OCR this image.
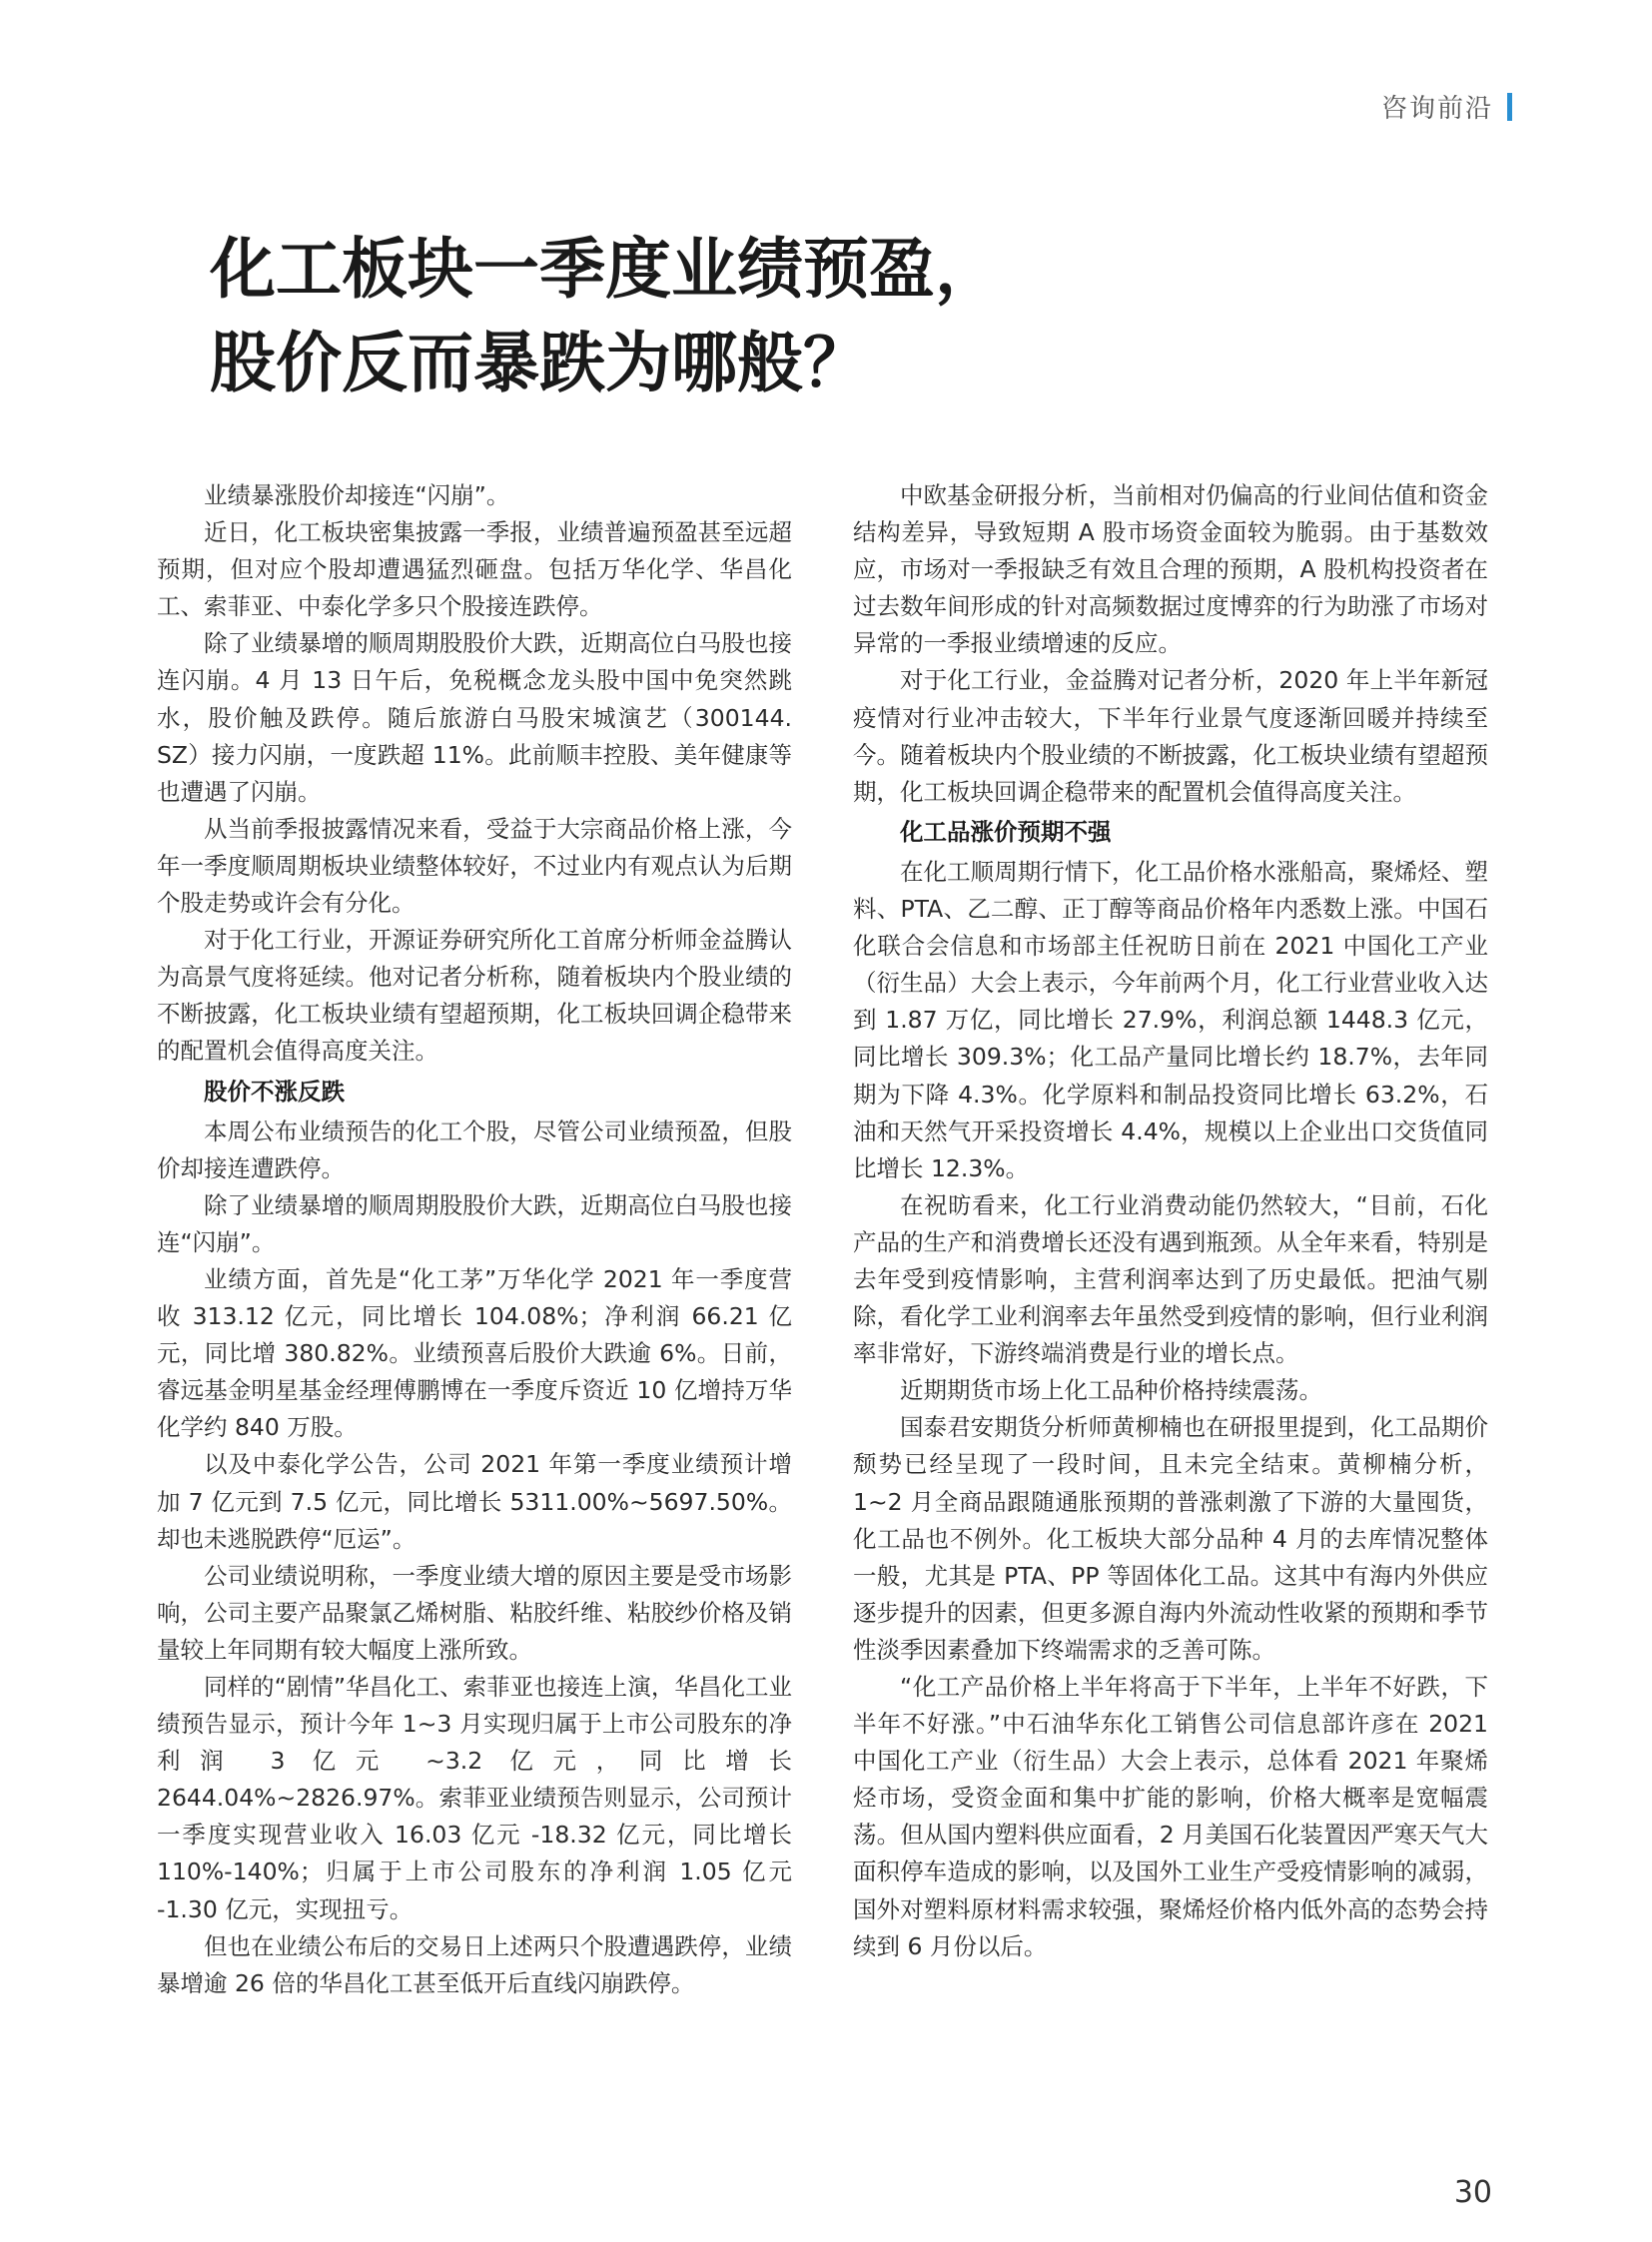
咨询前沿
化工板块一季度业绩预盈，
股价反而暴跌为哪般？

业绩暴涨股价却接连“闪崩”。

近日，化工板块密集披露一季报，业绩普遍预盈甚至远超预期，但对应个股却遭遇猛烈砸盘。包括万华化学、华昌化工、索菲亚、中泰化学多只个股接连跌停。

除了业绩暴增的顺周期股股价大跌，近期高位白马股也接连闪崩。4 月 13 日午后，免税概念龙头股中国中免突然跳水，股价触及跌停。随后旅游白马股宋城演艺（300144. SZ）接力闪崩，一度跌超 11%。此前顺丰控股、美年健康等也遭遇了闪崩。

从当前季报披露情况来看，受益于大宗商品价格上涨，今年一季度顺周期板块业绩整体较好，不过业内有观点认为后期个股走势或许会有分化。

对于化工行业，开源证券研究所化工首席分析师金益腾认为高景气度将延续。他对记者分析称，随着板块内个股业绩的不断披露，化工板块业绩有望超预期，化工板块回调企稳带来的配置机会值得高度关注。

股价不涨反跌

本周公布业绩预告的化工个股，尽管公司业绩预盈，但股价却接连遭跌停。

除了业绩暴增的顺周期股股价大跌，近期高位白马股也接连“闪崩”。

业绩方面，首先是“化工茅”万华化学 2021 年一季度营收 313.12 亿元，同比增长 104.08%；净利润 66.21 亿元，同比增 380.82%。业绩预喜后股价大跌逾 6%。日前，睿远基金明星基金经理傅鹏博在一季度斥资近 10 亿增持万华化学约 840 万股。

以及中泰化学公告，公司 2021 年第一季度业绩预计增加 7 亿元到 7.5 亿元，同比增长 5311.00%~5697.50%。却也未逃脱跌停“厄运”。

公司业绩说明称，一季度业绩大增的原因主要是受市场影响，公司主要产品聚氯乙烯树脂、粘胶纤维、粘胶纱价格及销量较上年同期有较大幅度上涨所致。

同样的“剧情”华昌化工、索菲亚也接连上演，华昌化工业绩预告显示，预计今年 1~3 月实现归属于上市公司股东的净利润 3 亿元 ~3.2 亿元，同比增长 2644.04%~2826.97%。索菲亚业绩预告则显示，公司预计一季度实现营业收入 16.03 亿元 -18.32 亿元，同比增长 110%-140%；归属于上市公司股东的净利润 1.05 亿元 -1.30 亿元，实现扭亏。

但也在业绩公布后的交易日上述两只个股遭遇跌停，业绩暴增逾 26 倍的华昌化工甚至低开后直线闪崩跌停。

中欧基金研报分析，当前相对仍偏高的行业间估值和资金结构差异，导致短期 A 股市场资金面较为脆弱。由于基数效应，市场对一季报缺乏有效且合理的预期，A 股机构投资者在过去数年间形成的针对高频数据过度博弈的行为助涨了市场对异常的一季报业绩增速的反应。

对于化工行业，金益腾对记者分析，2020 年上半年新冠疫情对行业冲击较大，下半年行业景气度逐渐回暖并持续至今。随着板块内个股业绩的不断披露，化工板块业绩有望超预期，化工板块回调企稳带来的配置机会值得高度关注。

化工品涨价预期不强

在化工顺周期行情下，化工品价格水涨船高，聚烯烃、塑料、PTA、乙二醇、正丁醇等商品价格年内悉数上涨。中国石化联合会信息和市场部主任祝昉日前在 2021 中国化工产业（衍生品）大会上表示，今年前两个月，化工行业营业收入达到 1.87 万亿，同比增长 27.9%，利润总额 1448.3 亿元，同比增长 309.3%；化工品产量同比增长约 18.7%，去年同期为下降 4.3%。化学原料和制品投资同比增长 63.2%，石油和天然气开采投资增长 4.4%，规模以上企业出口交货值同比增长 12.3%。

在祝昉看来，化工行业消费动能仍然较大，“目前，石化产品的生产和消费增长还没有遇到瓶颈。从全年来看，特别是去年受到疫情影响，主营利润率达到了历史最低。把油气剔除，看化学工业利润率去年虽然受到疫情的影响，但行业利润率非常好，下游终端消费是行业的增长点。

近期期货市场上化工品种价格持续震荡。

国泰君安期货分析师黄柳楠也在研报里提到，化工品期价颓势已经呈现了一段时间，且未完全结束。黄柳楠分析，1~2 月全商品跟随通胀预期的普涨刺激了下游的大量囤货，化工品也不例外。化工板块大部分品种 4 月的去库情况整体一般，尤其是 PTA、PP 等固体化工品。这其中有海内外供应逐步提升的因素，但更多源自海内外流动性收紧的预期和季节性淡季因素叠加下终端需求的乏善可陈。

“化工产品价格上半年将高于下半年，上半年不好跌，下半年不好涨。”中石油华东化工销售公司信息部许彦在 2021 中国化工产业（衍生品）大会上表示，总体看 2021 年聚烯烃市场，受资金面和集中扩能的影响，价格大概率是宽幅震荡。但从国内塑料供应面看，2 月美国石化装置因严寒天气大面积停车造成的影响，以及国外工业生产受疫情影响的减弱，国外对塑料原材料需求较强，聚烯烃价格内低外高的态势会持续到 6 月份以后。

30
